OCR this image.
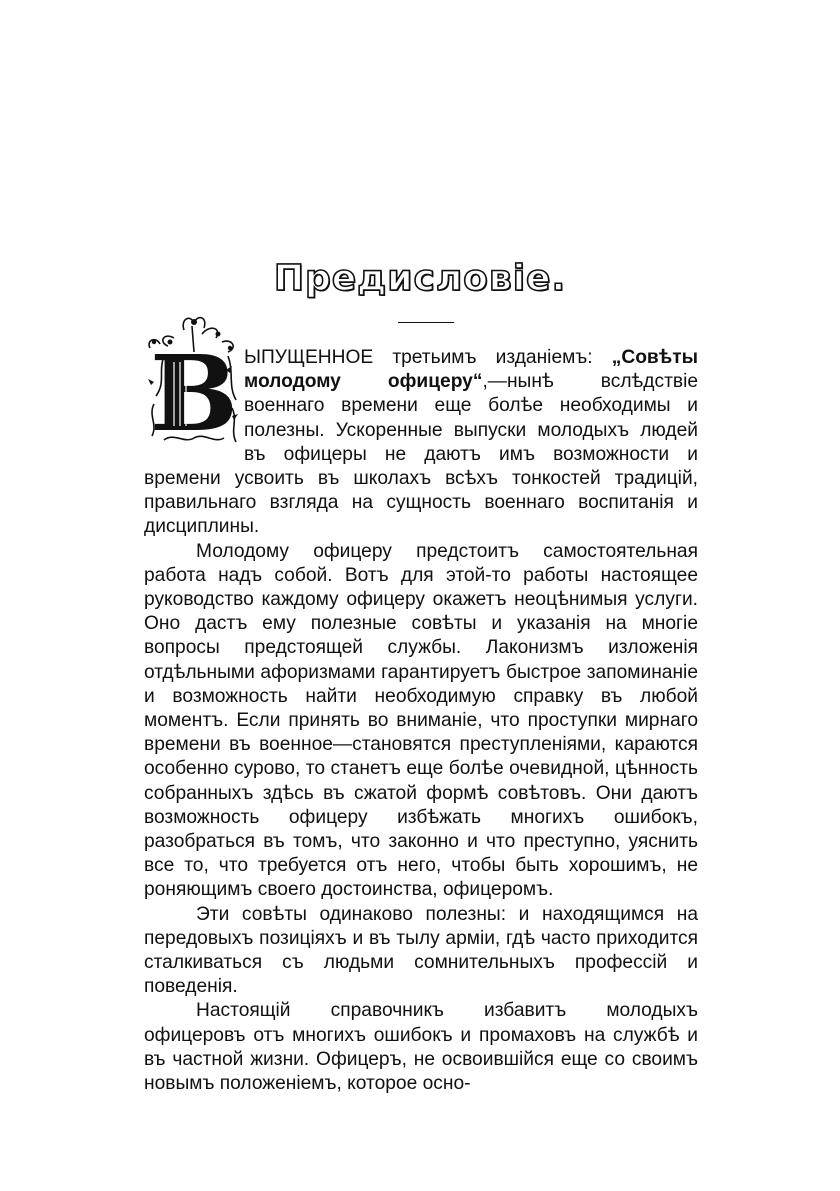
Предисловіе.
В ЫПУЩЕННОЕ третьимъ изданіемъ: „Совѣты молодому офицеру“,—нынѣ вслѣдствіе военнаго времени еще болѣе необходимы и полезны. Ускоренные выпуски молодыхъ людей въ офицеры не даютъ имъ возможности и времени усвоить въ школахъ всѣхъ тонкостей традицій, правильнаго взгляда на сущность военнаго воспитанія и дисциплины.

Молодому офицеру предстоитъ самостоятельная работа надъ собой. Вотъ для этой-то работы настоящее руководство каждому офицеру окажетъ неоцѣнимыя услуги. Оно дастъ ему полезные совѣты и указанія на многіе вопросы предстоящей службы. Лаконизмъ изложенія отдѣльными афоризмами гарантируетъ быстрое запоминаніе и возможность найти необходимую справку въ любой моментъ. Если принять во вниманіе, что проступки мирнаго времени въ военное—становятся преступленіями, караются особенно сурово, то станетъ еще болѣе очевидной, цѣнность собранныхъ здѣсь въ сжатой формѣ совѣтовъ. Они даютъ возможность офицеру избѣжать многихъ ошибокъ, разобраться въ томъ, что законно и что преступно, уяснить все то, что требуется отъ него, чтобы быть хорошимъ, не роняющимъ своего достоинства, офицеромъ.

Эти совѣты одинаково полезны: и находящимся на передовыхъ позиціяхъ и въ тылу арміи, гдѣ часто приходится сталкиваться съ людьми сомнительныхъ профессій и поведенія.

Настоящій справочникъ избавитъ молодыхъ офицеровъ отъ многихъ ошибокъ и промаховъ на службѣ и въ частной жизни. Офицеръ, не освоившійся еще со своимъ новымъ положеніемъ, которое осно-
